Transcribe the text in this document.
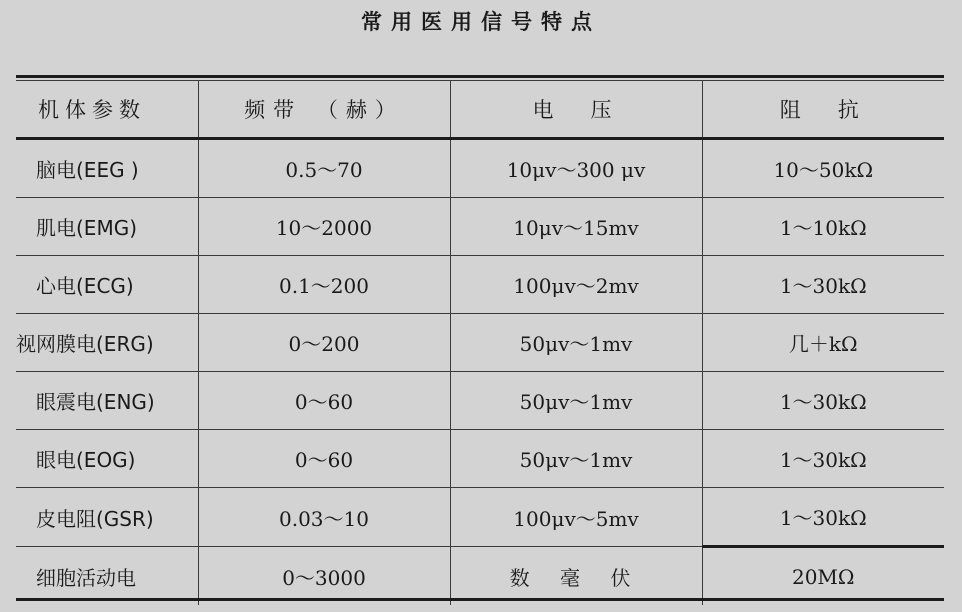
常用医用信号特点
机体参数	频带 （赫）	电　压	阻　抗
脑电(EEG )	0.5～70	10μv～300 μv	10～50kΩ
肌电(EMG)	10～2000	10μv～15mv	1～10kΩ
心电(ECG)	0.1～200	100μv～2mv	1～30kΩ
视网膜电(ERG)	0～200	50μv～1mv	几＋kΩ
眼震电(ENG)	0～60	50μv～1mv	1～30kΩ
眼电(EOG)	0～60	50μv～1mv	1～30kΩ
皮电阻(GSR)	0.03～10	100μv～5mv	1～30kΩ
细胞活动电	0～3000	数 毫 伏	20MΩ
